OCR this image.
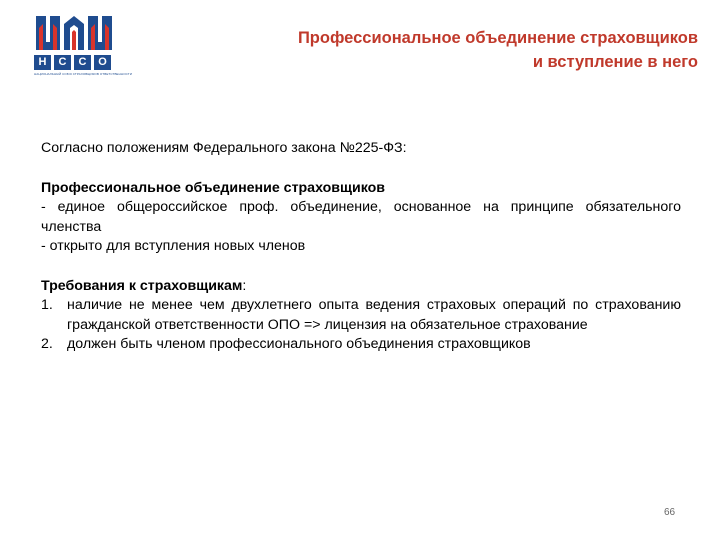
Н	С	С	О
НАЦИОНАЛЬНЫЙ СОЮЗ СТРАХОВЩИКОВ ОТВЕТСТВЕННОСТИ
Профессиональное объединение страховщиков
и вступление в него

Согласно положениям Федерального закона №225-ФЗ:

Профессиональное объединение страховщиков

- единое общероссийское проф. объединение, основанное на принципе обязательного членства

- открыто для вступления новых членов

Требования к страховщикам:

1. наличие не менее чем двухлетнего опыта ведения страховых операций по страхованию гражданской ответственности ОПО => лицензия на обязательное страхование
2. должен быть членом профессионального объединения страховщиков
66
